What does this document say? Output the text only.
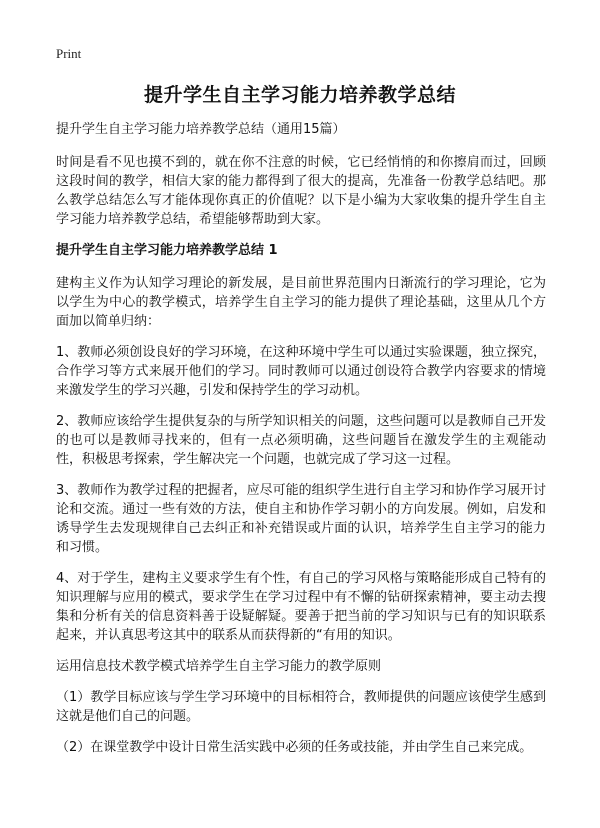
Print
提升学生自主学习能力培养教学总结

提升学生自主学习能力培养教学总结（通用15篇）

时间是看不见也摸不到的，就在你不注意的时候，它已经悄悄的和你擦肩而过，回顾这段时间的教学，相信大家的能力都得到了很大的提高，先准备一份教学总结吧。那么教学总结怎么写才能体现你真正的价值呢？以下是小编为大家收集的提升学生自主学习能力培养教学总结，希望能够帮助到大家。

提升学生自主学习能力培养教学总结 1

建构主义作为认知学习理论的新发展，是目前世界范围内日渐流行的学习理论，它为以学生为中心的教学模式，培养学生自主学习的能力提供了理论基础，这里从几个方面加以简单归纳：

1、教师必须创设良好的学习环境，在这种环境中学生可以通过实验课题，独立探究，合作学习等方式来展开他们的学习。同时教师可以通过创设符合教学内容要求的情境来激发学生的学习兴趣，引发和保持学生的学习动机。

2、教师应该给学生提供复杂的与所学知识相关的问题，这些问题可以是教师自己开发的也可以是教师寻找来的，但有一点必须明确，这些问题旨在激发学生的主观能动性，积极思考探索，学生解决完一个问题，也就完成了学习这一过程。

3、教师作为教学过程的把握者，应尽可能的组织学生进行自主学习和协作学习展开讨论和交流。通过一些有效的方法，使自主和协作学习朝小的方向发展。例如，启发和诱导学生去发现规律自己去纠正和补充错误或片面的认识，培养学生自主学习的能力和习惯。

4、对于学生，建构主义要求学生有个性，有自己的学习风格与策略能形成自己特有的知识理解与应用的模式，要求学生在学习过程中有不懈的钻研探索精神，要主动去搜集和分析有关的信息资料善于设疑解疑。要善于把当前的学习知识与已有的知识联系起来，并认真思考这其中的联系从而获得新的“有用的知识。

运用信息技术教学模式培养学生自主学习能力的教学原则

（1）教学目标应该与学生学习环境中的目标相符合，教师提供的问题应该使学生感到这就是他们自己的问题。

（2）在课堂教学中设计日常生活实践中必须的任务或技能，并由学生自己来完成。
